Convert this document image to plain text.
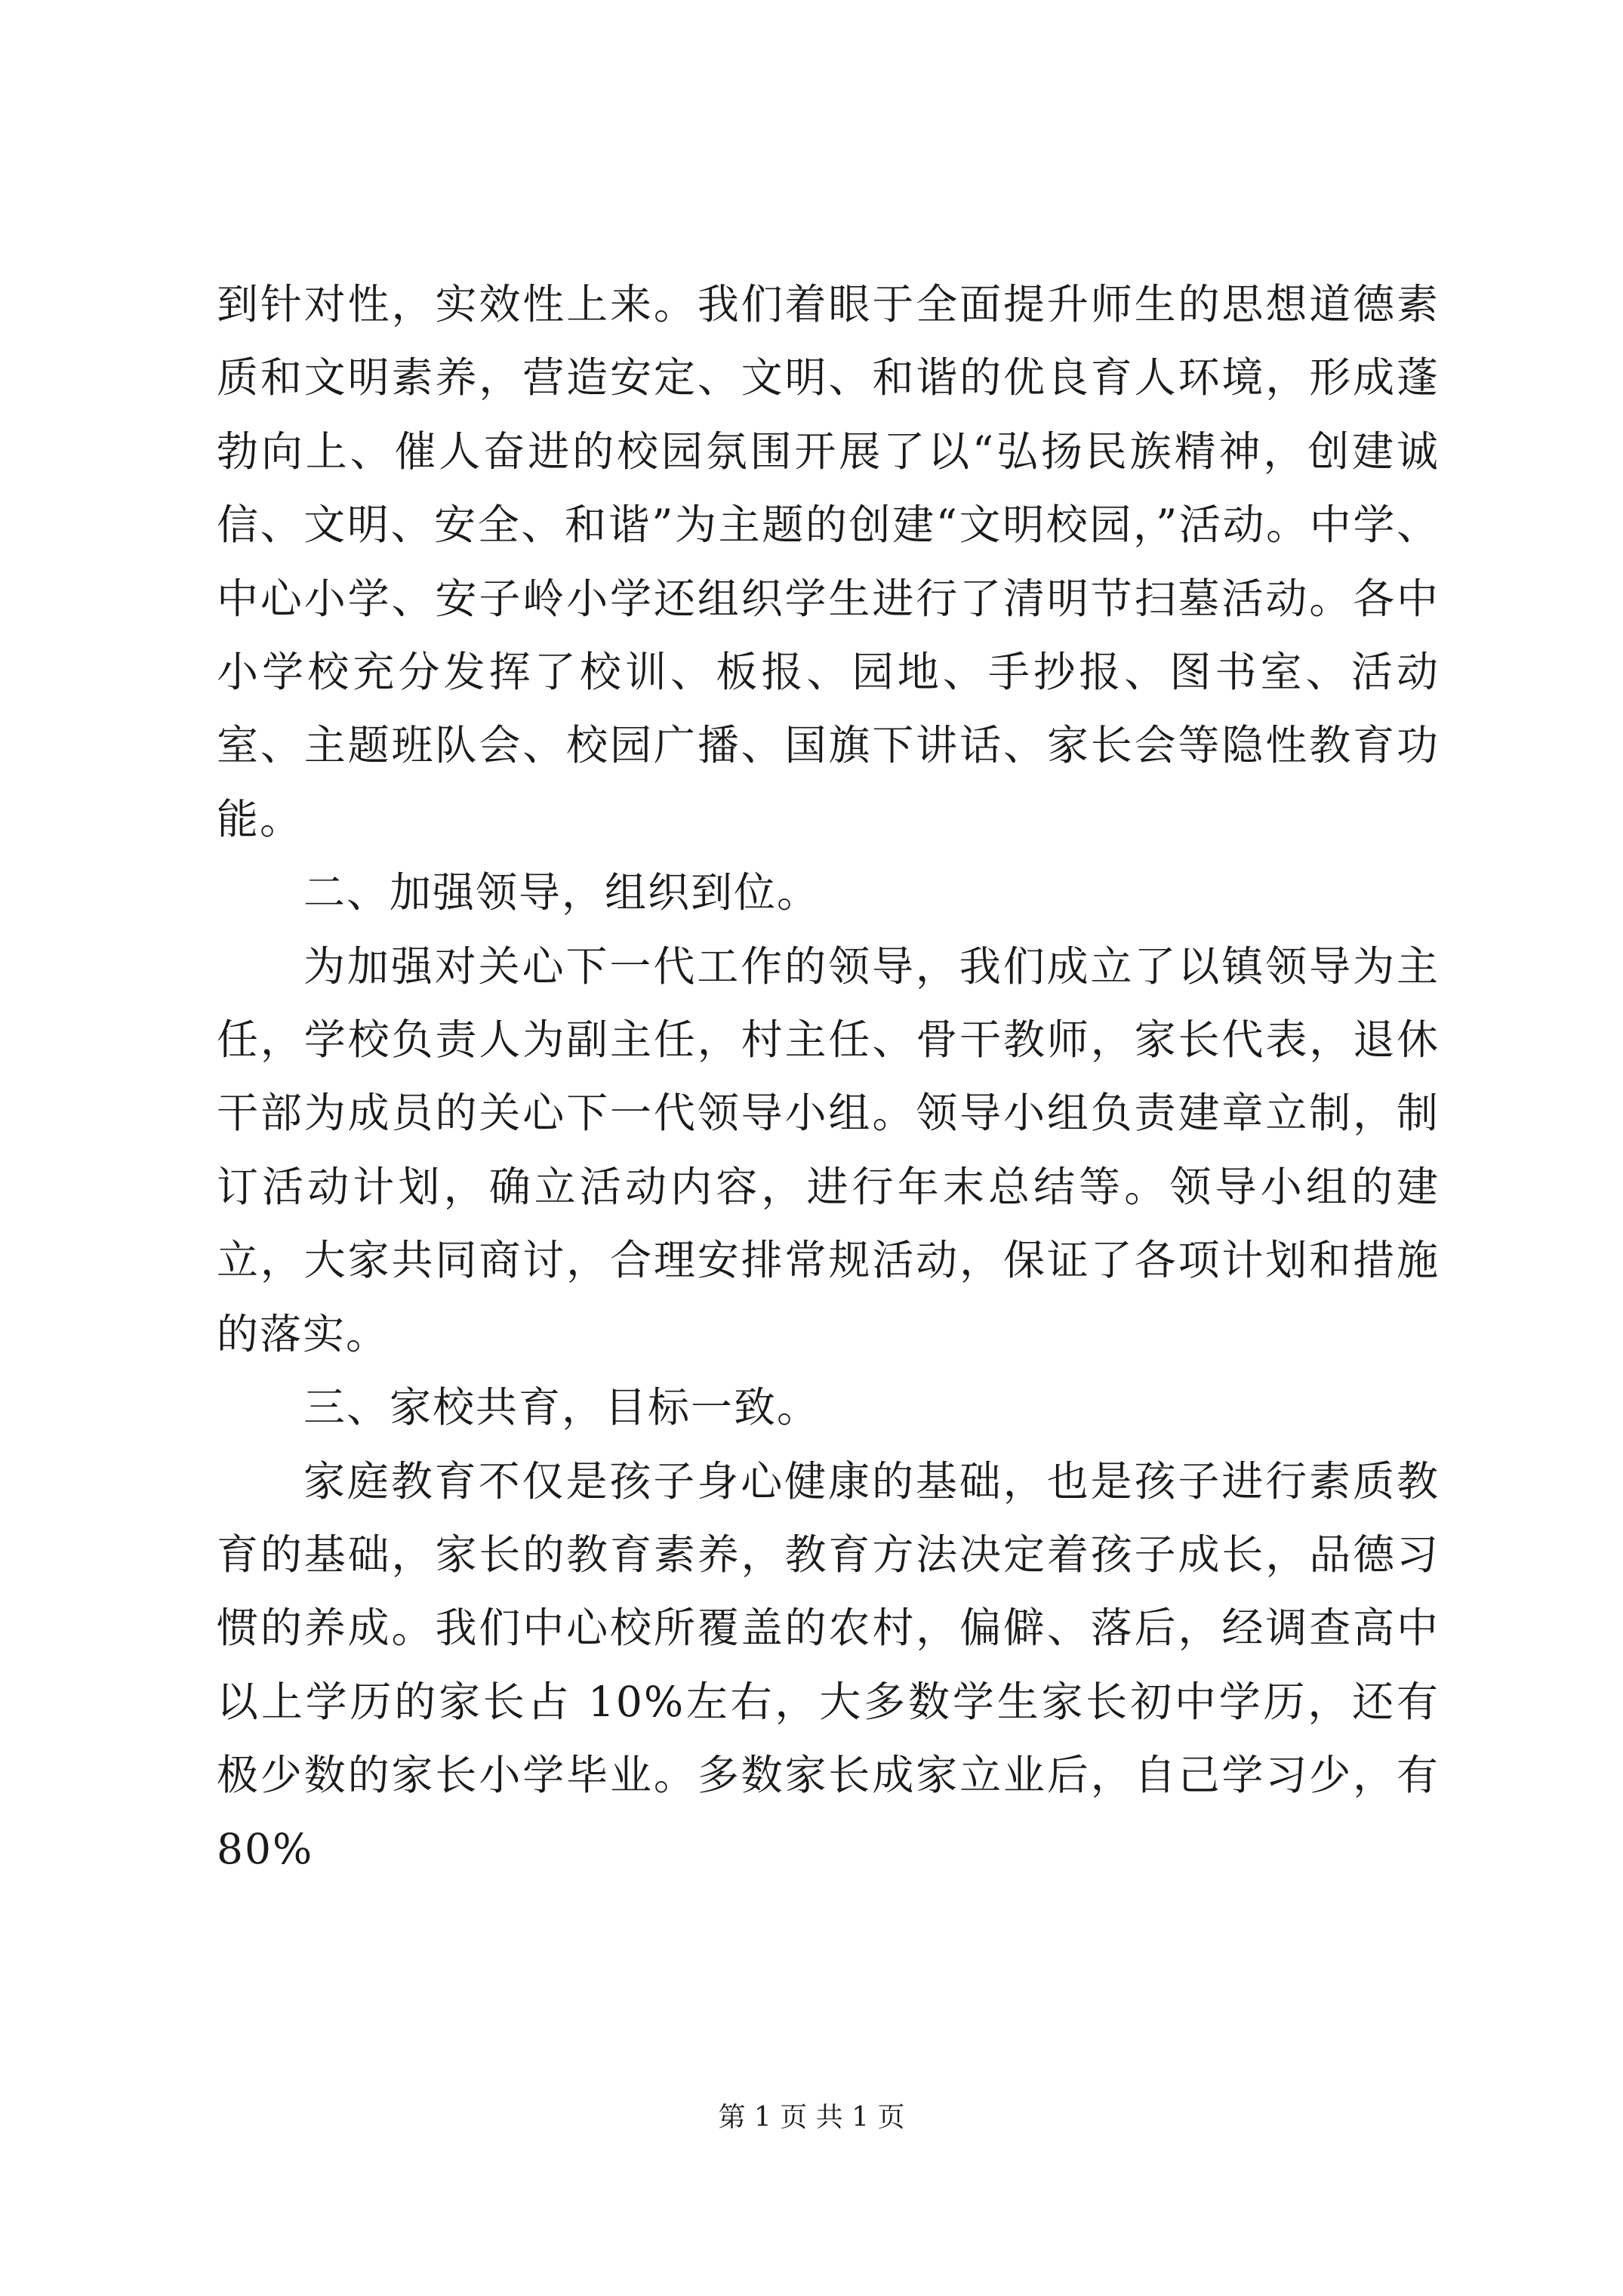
到针对性，实效性上来。我们着眼于全面提升师生的思想道德素质和文明素养，营造安定、文明、和谐的优良育人环境，形成蓬勃向上、催人奋进的校园氛围开展了以“弘扬民族精神，创建诚信、文明、安全、和谐”为主题的创建“文明校园，”活动。中学、中心小学、安子岭小学还组织学生进行了清明节扫墓活动。各中小学校充分发挥了校训、板报、园地、手抄报、图书室、活动室、主题班队会、校园广播、国旗下讲话、家长会等隐性教育功能。

二、加强领导，组织到位。

为加强对关心下一代工作的领导，我们成立了以镇领导为主任，学校负责人为副主任，村主任、骨干教师，家长代表，退休干部为成员的关心下一代领导小组。领导小组负责建章立制，制订活动计划，确立活动内容，进行年末总结等。领导小组的建立，大家共同商讨，合理安排常规活动，保证了各项计划和措施的落实。

三、家校共育，目标一致。

家庭教育不仅是孩子身心健康的基础，也是孩子进行素质教育的基础，家长的教育素养，教育方法决定着孩子成长，品德习惯的养成。我们中心校所覆盖的农村，偏僻、落后，经调查高中以上学历的家长占 10%左右，大多数学生家长初中学历，还有极少数的家长小学毕业。多数家长成家立业后，自己学习少，有 80%

第 1 页 共 1 页
